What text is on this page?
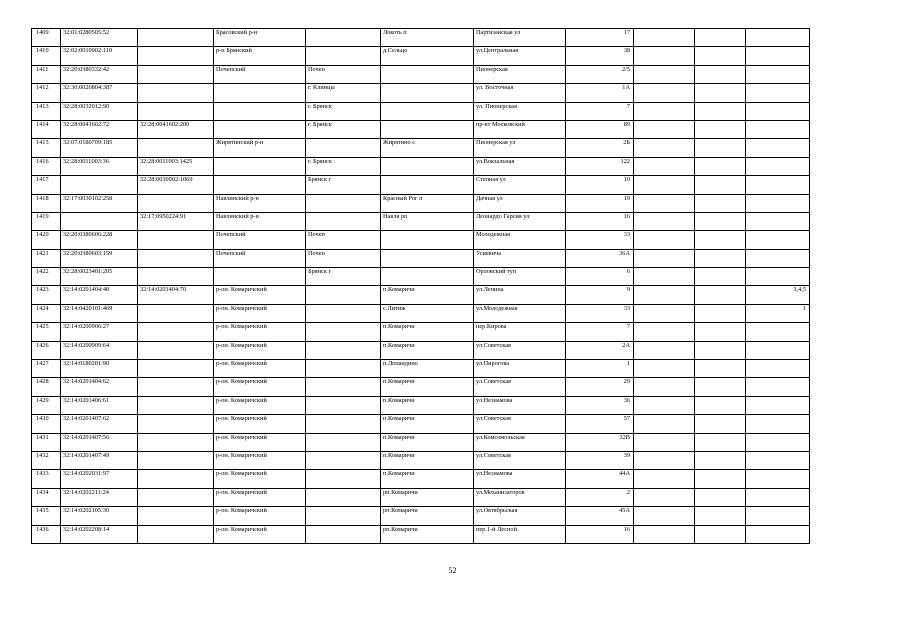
1409	32:01:0280505:52		Брасовский р-н		Локоть п	Партизанская ул	17			
1410	32:02:0010902:110		р-н Брянский		д.Сельцо	ул.Центральная	38			
1411	32:20:0380332:42		Почепский	Почеп		Пионерская	2/5			
1412	32:30:0020804:387			г. Клинцы		ул. Восточная	1А			
1413	32:28:0032012:90			г. Брянск		ул. Пионерская	7			
1414	32:28:0041602:72	32:28:0041602:200		г. Брянск		пр-кт Московский	89			
1415	32:07:0180709:185		Жирятинский р-н		Жирятино с	Пионерская ул	2Б			
1416	32:28:0011003:36	32:28:0011003:1425		г. Брянск		ул.Вокзальная	122			
1417		32:28:0030902:1069		Брянск г		Степная ул	10			
1418	32:17:0030102:258		Навлинский р-н		Красный Рог п	Дачная ул	19			
1419		32:17:0950224:91	Навлинский р-н		Навля рп	Леонардо Гарсия ул	16			
1420	32:20:0380606:228		Почепский	Почеп		Молодежная	33			
1421	32:20:0380603:159		Почепский	Почеп		Усиевича	36А			
1422	32:28:0023401:205			Брянск г		Орловский туп	6			
1423	32:14:0201404:48	32:14:0201404:70	р-он. Комаричский		п.Комаричи	ул.Ленина	9			3,4,5
1424	32:14:0420101:469		р-он. Комаричский		с.Литиж	ул.Молодежная	33			1
1425	32:14:0200906:27		р-он. Комаричский		п.Комаричи	пер.Кирова	7			
1426	32:14:0200909:64		р-он. Комаричский		п.Комаричи	ул.Советская	2А			
1427	32:14:0180201:90		р-он. Комаричский		п.Лопандино	ул.Пирогова	1			
1428	32:14:0201404:62		р-он. Комаричский		п.Комаричи	ул.Советская	29			
1429	32:14:0201406:61		р-он. Комаричский		п.Комаричи	ул.Незнамова	36			
1430	32:14:0201407:62		р-он. Комаричский		п.Комаричи	ул.Советская	57			
1431	32:14:0201407:56		р-он. Комаричский		п.Комаричи	ул.Комсомольская	32В			
1432	32:14:0201407:49		р-он. Комаричский		п.Комаричи	ул.Советская	39			
1433	32:14:0202031:97		р-он. Комаричский		п.Комаричи	ул.Незнамова	44А			
1434	32:14:0202211:24		р-он. Комаричский		рп.Комаричи	ул.Механизаторов	2			
1435	32:14:0202105:30		р-он. Комаричский		рп.Комаричи	ул.Октябрьская	45А			
1436	32:14:0202208:14		р-он. Комаричский		рп.Комаричи	пер.1-й Лесной	16			
52
